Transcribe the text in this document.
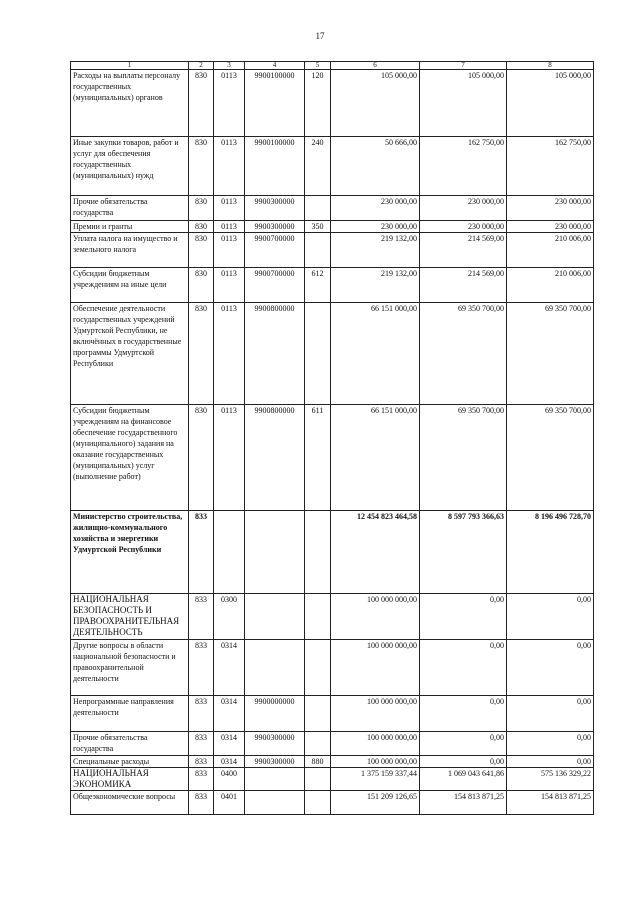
17
1	2	3	4	5	6	7	8
Расходы на выплаты персоналу государственных (муниципальных) органов	830	0113	9900100000	120	105 000,00	105 000,00	105 000,00
Иные закупки товаров, работ и услуг для обеспечения государственных (муниципальных) нужд	830	0113	9900100000	240	50 666,00	162 750,00	162 750,00
Прочие обязательства государства	830	0113	9900300000		230 000,00	230 000,00	230 000,00
Премии и гранты	830	0113	9900300000	350	230 000,00	230 000,00	230 000,00
Уплата налога на имущество и земельного налога	830	0113	9900700000		219 132,00	214 569,00	210 006,00
Субсидии бюджетным учреждениям на иные цели	830	0113	9900700000	612	219 132,00	214 569,00	210 006,00
Обеспечение деятельности государственных учреждений Удмуртской Республики, не включённых в государственные программы Удмуртской Республики	830	0113	9900800000		66 151 000,00	69 350 700,00	69 350 700,00
Субсидии бюджетным учреждениям на финансовое обеспечение государственного (муниципального) задания на оказание государственных (муниципальных) услуг (выполнение работ)	830	0113	9900800000	611	66 151 000,00	69 350 700,00	69 350 700,00
Министерство строительства, жилищно-коммунального хозяйства и энергетики Удмуртской Республики	833				12 454 823 464,58	8 597 793 366,63	8 196 496 728,70
НАЦИОНАЛЬНАЯ БЕЗОПАСНОСТЬ И ПРАВООХРАНИТЕЛЬНАЯ ДЕЯТЕЛЬНОСТЬ	833	0300			100 000 000,00	0,00	0,00
Другие вопросы в области национальной безопасности и правоохранительной деятельности	833	0314			100 000 000,00	0,00	0,00
Непрограммные направления деятельности	833	0314	9900000000		100 000 000,00	0,00	0,00
Прочие обязательства государства	833	0314	9900300000		100 000 000,00	0,00	0,00
Специальные расходы	833	0314	9900300000	880	100 000 000,00	0,00	0,00
НАЦИОНАЛЬНАЯ ЭКОНОМИКА	833	0400			1 375 159 337,44	1 069 043 641,86	575 136 329,22
Общеэкономические вопросы	833	0401			151 209 126,65	154 813 871,25	154 813 871,25
